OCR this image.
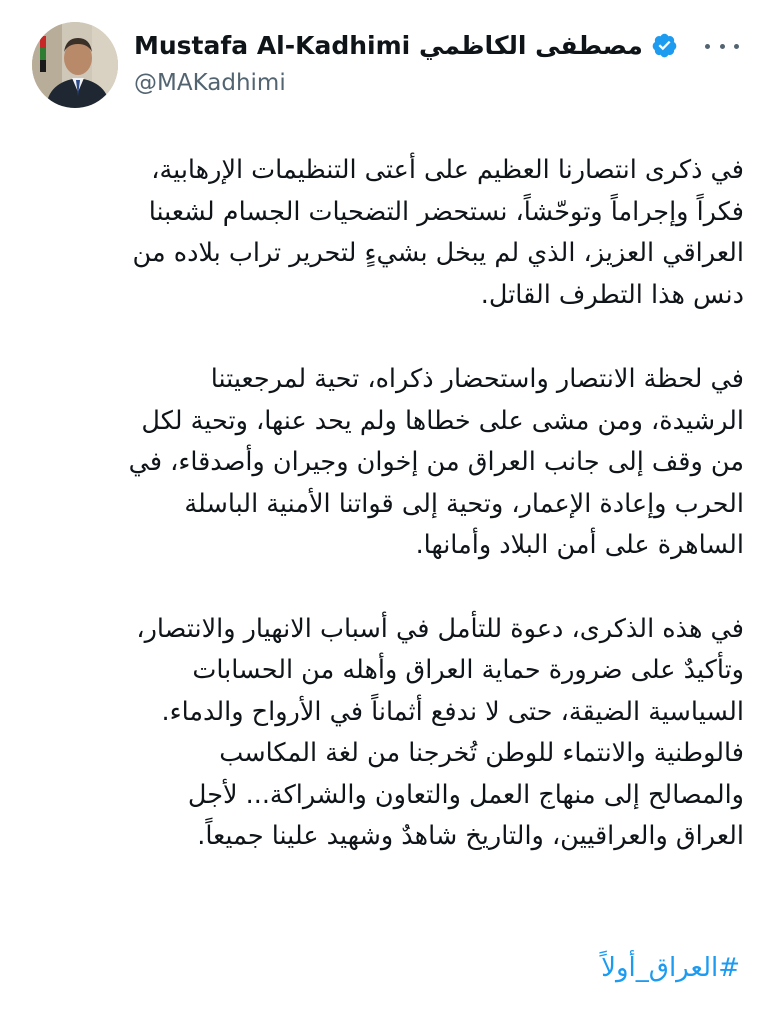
Mustafa Al-Kadhimi مصطفى الكاظمي
@MAKadhimi

في ذكرى انتصارنا العظيم على أعتى التنظيمات الإرهابية،
فكراً وإجراماً وتوحّشاً، نستحضر التضحيات الجسام لشعبنا
العراقي العزيز، الذي لم يبخل بشيءٍ لتحرير تراب بلاده من
دنس هذا التطرف القاتل.

في لحظة الانتصار واستحضار ذكراه، تحية لمرجعيتنا
الرشيدة، ومن مشى على خطاها ولم يحد عنها، وتحية لكل
من وقف إلى جانب العراق من إخوان وجيران وأصدقاء، في
الحرب وإعادة الإعمار، وتحية إلى قواتنا الأمنية الباسلة
الساهرة على أمن البلاد وأمانها.

في هذه الذكرى، دعوة للتأمل في أسباب الانهيار والانتصار،
وتأكيدٌ على ضرورة حماية العراق وأهله من الحسابات
السياسية الضيقة، حتى لا ندفع أثماناً في الأرواح والدماء.
فالوطنية والانتماء للوطن تُخرجنا من لغة المكاسب
والمصالح إلى منهاج العمل والتعاون والشراكة... لأجل
العراق والعراقيين، والتاريخ شاهدٌ وشهيد علينا جميعاً.

#العراق_أولاً
